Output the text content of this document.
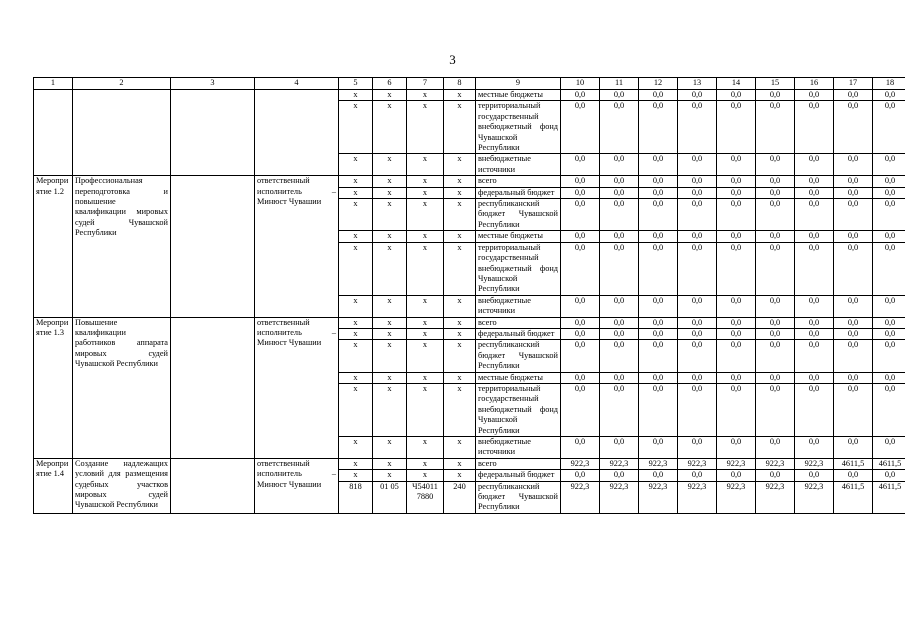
3
1	2	3	4	5	6	7	8	9	10	11	12	13	14	15	16	17	18
				x	x	x	x	местные бюджеты	0,0	0,0	0,0	0,0	0,0	0,0	0,0	0,0	0,0
				x	x	x	x	территориальный государственный внебюджетный фонд Чувашской Республики	0,0	0,0	0,0	0,0	0,0	0,0	0,0	0,0	0,0
				x	x	x	x	внебюджетные источники	0,0	0,0	0,0	0,0	0,0	0,0	0,0	0,0	0,0
Мероприятие 1.2	Профессиональная переподготовка и повышение квалификации мировых судей Чувашской Республики		ответственный исполнитель – Минюст Чувашии	x	x	x	x	всего	0,0	0,0	0,0	0,0	0,0	0,0	0,0	0,0	0,0
				x	x	x	x	федеральный бюджет	0,0	0,0	0,0	0,0	0,0	0,0	0,0	0,0	0,0
				x	x	x	x	республиканский бюджет Чувашской Республики	0,0	0,0	0,0	0,0	0,0	0,0	0,0	0,0	0,0
				x	x	x	x	местные бюджеты	0,0	0,0	0,0	0,0	0,0	0,0	0,0	0,0	0,0
				x	x	x	x	территориальный государственный внебюджетный фонд Чувашской Республики	0,0	0,0	0,0	0,0	0,0	0,0	0,0	0,0	0,0
				x	x	x	x	внебюджетные источники	0,0	0,0	0,0	0,0	0,0	0,0	0,0	0,0	0,0
Мероприятие 1.3	Повышение квалификации работников аппарата мировых судей Чувашской Республики		ответственный исполнитель – Минюст Чувашии	x	x	x	x	всего	0,0	0,0	0,0	0,0	0,0	0,0	0,0	0,0	0,0
				x	x	x	x	федеральный бюджет	0,0	0,0	0,0	0,0	0,0	0,0	0,0	0,0	0,0
				x	x	x	x	республиканский бюджет Чувашской Республики	0,0	0,0	0,0	0,0	0,0	0,0	0,0	0,0	0,0
				x	x	x	x	местные бюджеты	0,0	0,0	0,0	0,0	0,0	0,0	0,0	0,0	0,0
				x	x	x	x	территориальный государственный внебюджетный фонд Чувашской Республики	0,0	0,0	0,0	0,0	0,0	0,0	0,0	0,0	0,0
				x	x	x	x	внебюджетные источники	0,0	0,0	0,0	0,0	0,0	0,0	0,0	0,0	0,0
Мероприятие 1.4	Создание надлежащих условий для размещения судебных участков мировых судей Чувашской Республики		ответственный исполнитель – Минюст Чувашии	x	x	x	x	всего	922,3	922,3	922,3	922,3	922,3	922,3	922,3	4611,5	4611,5
				x	x	x	x	федеральный бюджет	0,0	0,0	0,0	0,0	0,0	0,0	0,0	0,0	0,0
				818	01 05	Ч54011 7880	240	республиканский бюджет Чувашской Республики	922,3	922,3	922,3	922,3	922,3	922,3	922,3	4611,5	4611,5
